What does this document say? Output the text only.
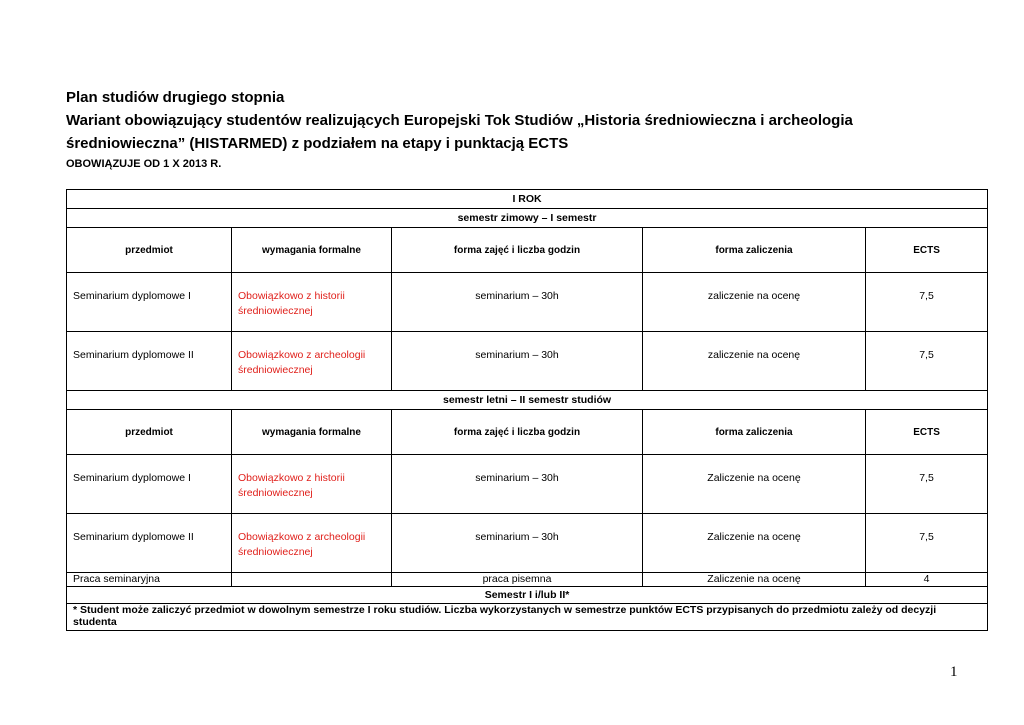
Plan studiów drugiego stopnia
Wariant obowiązujący studentów realizujących Europejski Tok Studiów „Historia średniowieczna i archeologia
średniowieczna” (HISTARMED) z podziałem na etapy i punktacją ECTS
OBOWIĄZUJE OD 1 X 2013 R.
I ROK				
semestr zimowy – I semestr				
przedmiot	wymagania formalne	forma zajęć i liczba godzin	forma zaliczenia	ECTS
Seminarium dyplomowe I	Obowiązkowo z historii średniowiecznej	seminarium – 30h	zaliczenie na ocenę	7,5
Seminarium dyplomowe II	Obowiązkowo z archeologii średniowiecznej	seminarium – 30h	zaliczenie na ocenę	7,5
semestr letni – II semestr studiów				
przedmiot	wymagania formalne	forma zajęć i liczba godzin	forma zaliczenia	ECTS
Seminarium dyplomowe I	Obowiązkowo z historii średniowiecznej	seminarium – 30h	Zaliczenie na ocenę	7,5
Seminarium dyplomowe II	Obowiązkowo z archeologii średniowiecznej	seminarium – 30h	Zaliczenie na ocenę	7,5
Praca seminaryjna		praca pisemna	Zaliczenie na ocenę	4
Semestr I i/lub II*				
* Student może zaliczyć przedmiot w dowolnym semestrze I roku studiów. Liczba wykorzystanych w semestrze punktów ECTS przypisanych do przedmiotu zależy od decyzji studenta				
1
